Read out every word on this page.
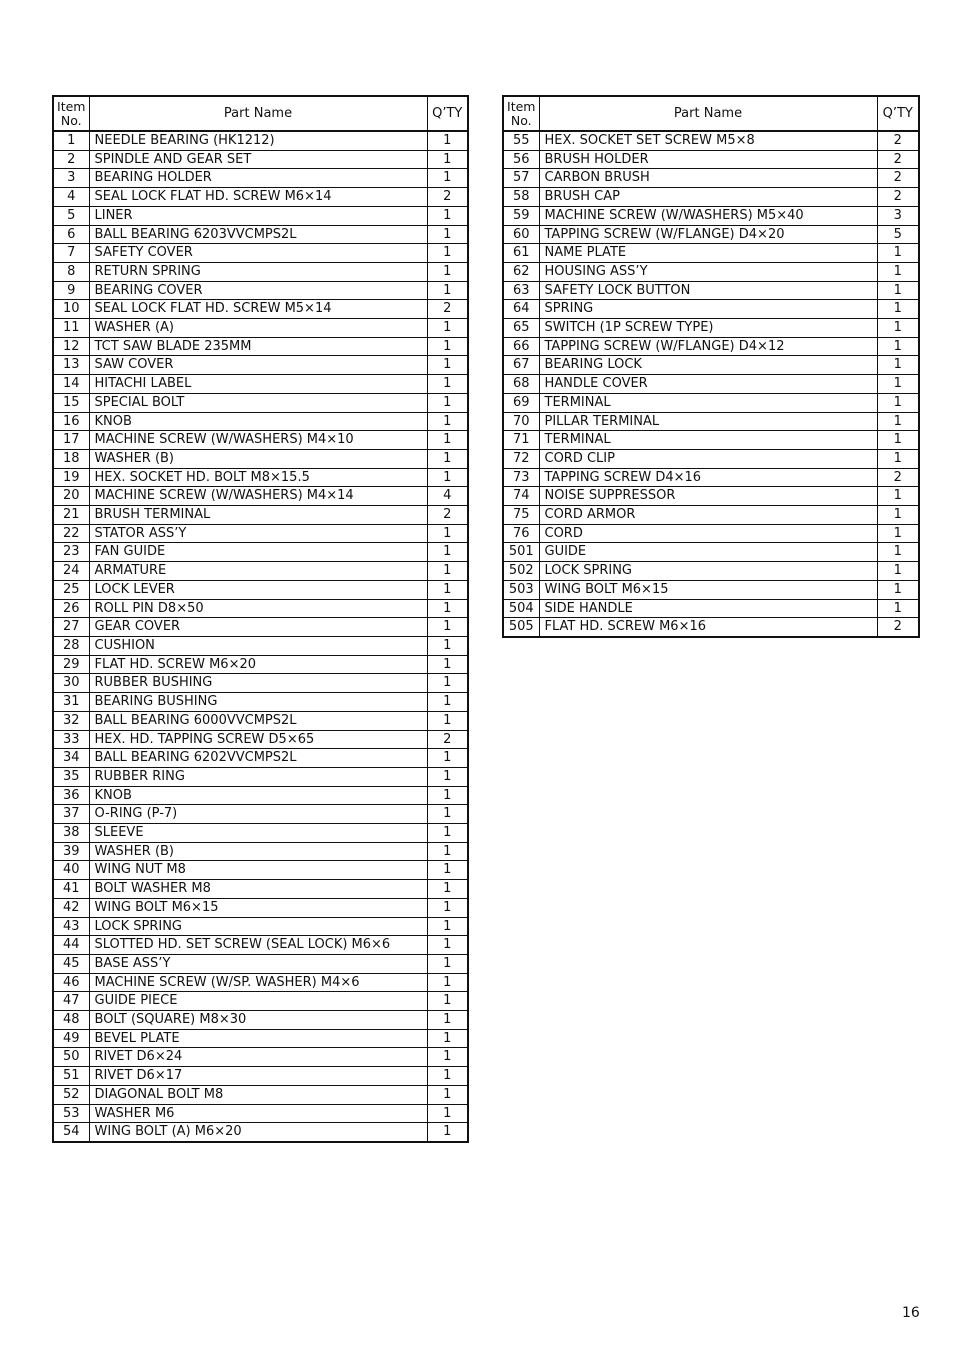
Item
No.	Part Name	Q’TY
1	NEEDLE BEARING (HK1212)	1
2	SPINDLE AND GEAR SET	1
3	BEARING HOLDER	1
4	SEAL LOCK FLAT HD. SCREW M6×14	2
5	LINER	1
6	BALL BEARING 6203VVCMPS2L	1
7	SAFETY COVER	1
8	RETURN SPRING	1
9	BEARING COVER	1
10	SEAL LOCK FLAT HD. SCREW M5×14	2
11	WASHER (A)	1
12	TCT SAW BLADE 235MM	1
13	SAW COVER	1
14	HITACHI LABEL	1
15	SPECIAL BOLT	1
16	KNOB	1
17	MACHINE SCREW (W/WASHERS) M4×10	1
18	WASHER (B)	1
19	HEX. SOCKET HD. BOLT M8×15.5	1
20	MACHINE SCREW (W/WASHERS) M4×14	4
21	BRUSH TERMINAL	2
22	STATOR ASS’Y	1
23	FAN GUIDE	1
24	ARMATURE	1
25	LOCK LEVER	1
26	ROLL PIN D8×50	1
27	GEAR COVER	1
28	CUSHION	1
29	FLAT HD. SCREW M6×20	1
30	RUBBER BUSHING	1
31	BEARING BUSHING	1
32	BALL BEARING 6000VVCMPS2L	1
33	HEX. HD. TAPPING SCREW D5×65	2
34	BALL BEARING 6202VVCMPS2L	1
35	RUBBER RING	1
36	KNOB	1
37	O-RING (P-7)	1
38	SLEEVE	1
39	WASHER (B)	1
40	WING NUT M8	1
41	BOLT WASHER M8	1
42	WING BOLT M6×15	1
43	LOCK SPRING	1
44	SLOTTED HD. SET SCREW (SEAL LOCK) M6×6	1
45	BASE ASS’Y	1
46	MACHINE SCREW (W/SP. WASHER) M4×6	1
47	GUIDE PIECE	1
48	BOLT (SQUARE) M8×30	1
49	BEVEL PLATE	1
50	RIVET D6×24	1
51	RIVET D6×17	1
52	DIAGONAL BOLT M8	1
53	WASHER M6	1
54	WING BOLT (A) M6×20	1
Item
No.	Part Name	Q’TY
55	HEX. SOCKET SET SCREW M5×8	2
56	BRUSH HOLDER	2
57	CARBON BRUSH	2
58	BRUSH CAP	2
59	MACHINE SCREW (W/WASHERS) M5×40	3
60	TAPPING SCREW (W/FLANGE) D4×20	5
61	NAME PLATE	1
62	HOUSING ASS’Y	1
63	SAFETY LOCK BUTTON	1
64	SPRING	1
65	SWITCH (1P SCREW TYPE)	1
66	TAPPING SCREW (W/FLANGE) D4×12	1
67	BEARING LOCK	1
68	HANDLE COVER	1
69	TERMINAL	1
70	PILLAR TERMINAL	1
71	TERMINAL	1
72	CORD CLIP	1
73	TAPPING SCREW D4×16	2
74	NOISE SUPPRESSOR	1
75	CORD ARMOR	1
76	CORD	1
501	GUIDE	1
502	LOCK SPRING	1
503	WING BOLT M6×15	1
504	SIDE HANDLE	1
505	FLAT HD. SCREW M6×16	2
16
